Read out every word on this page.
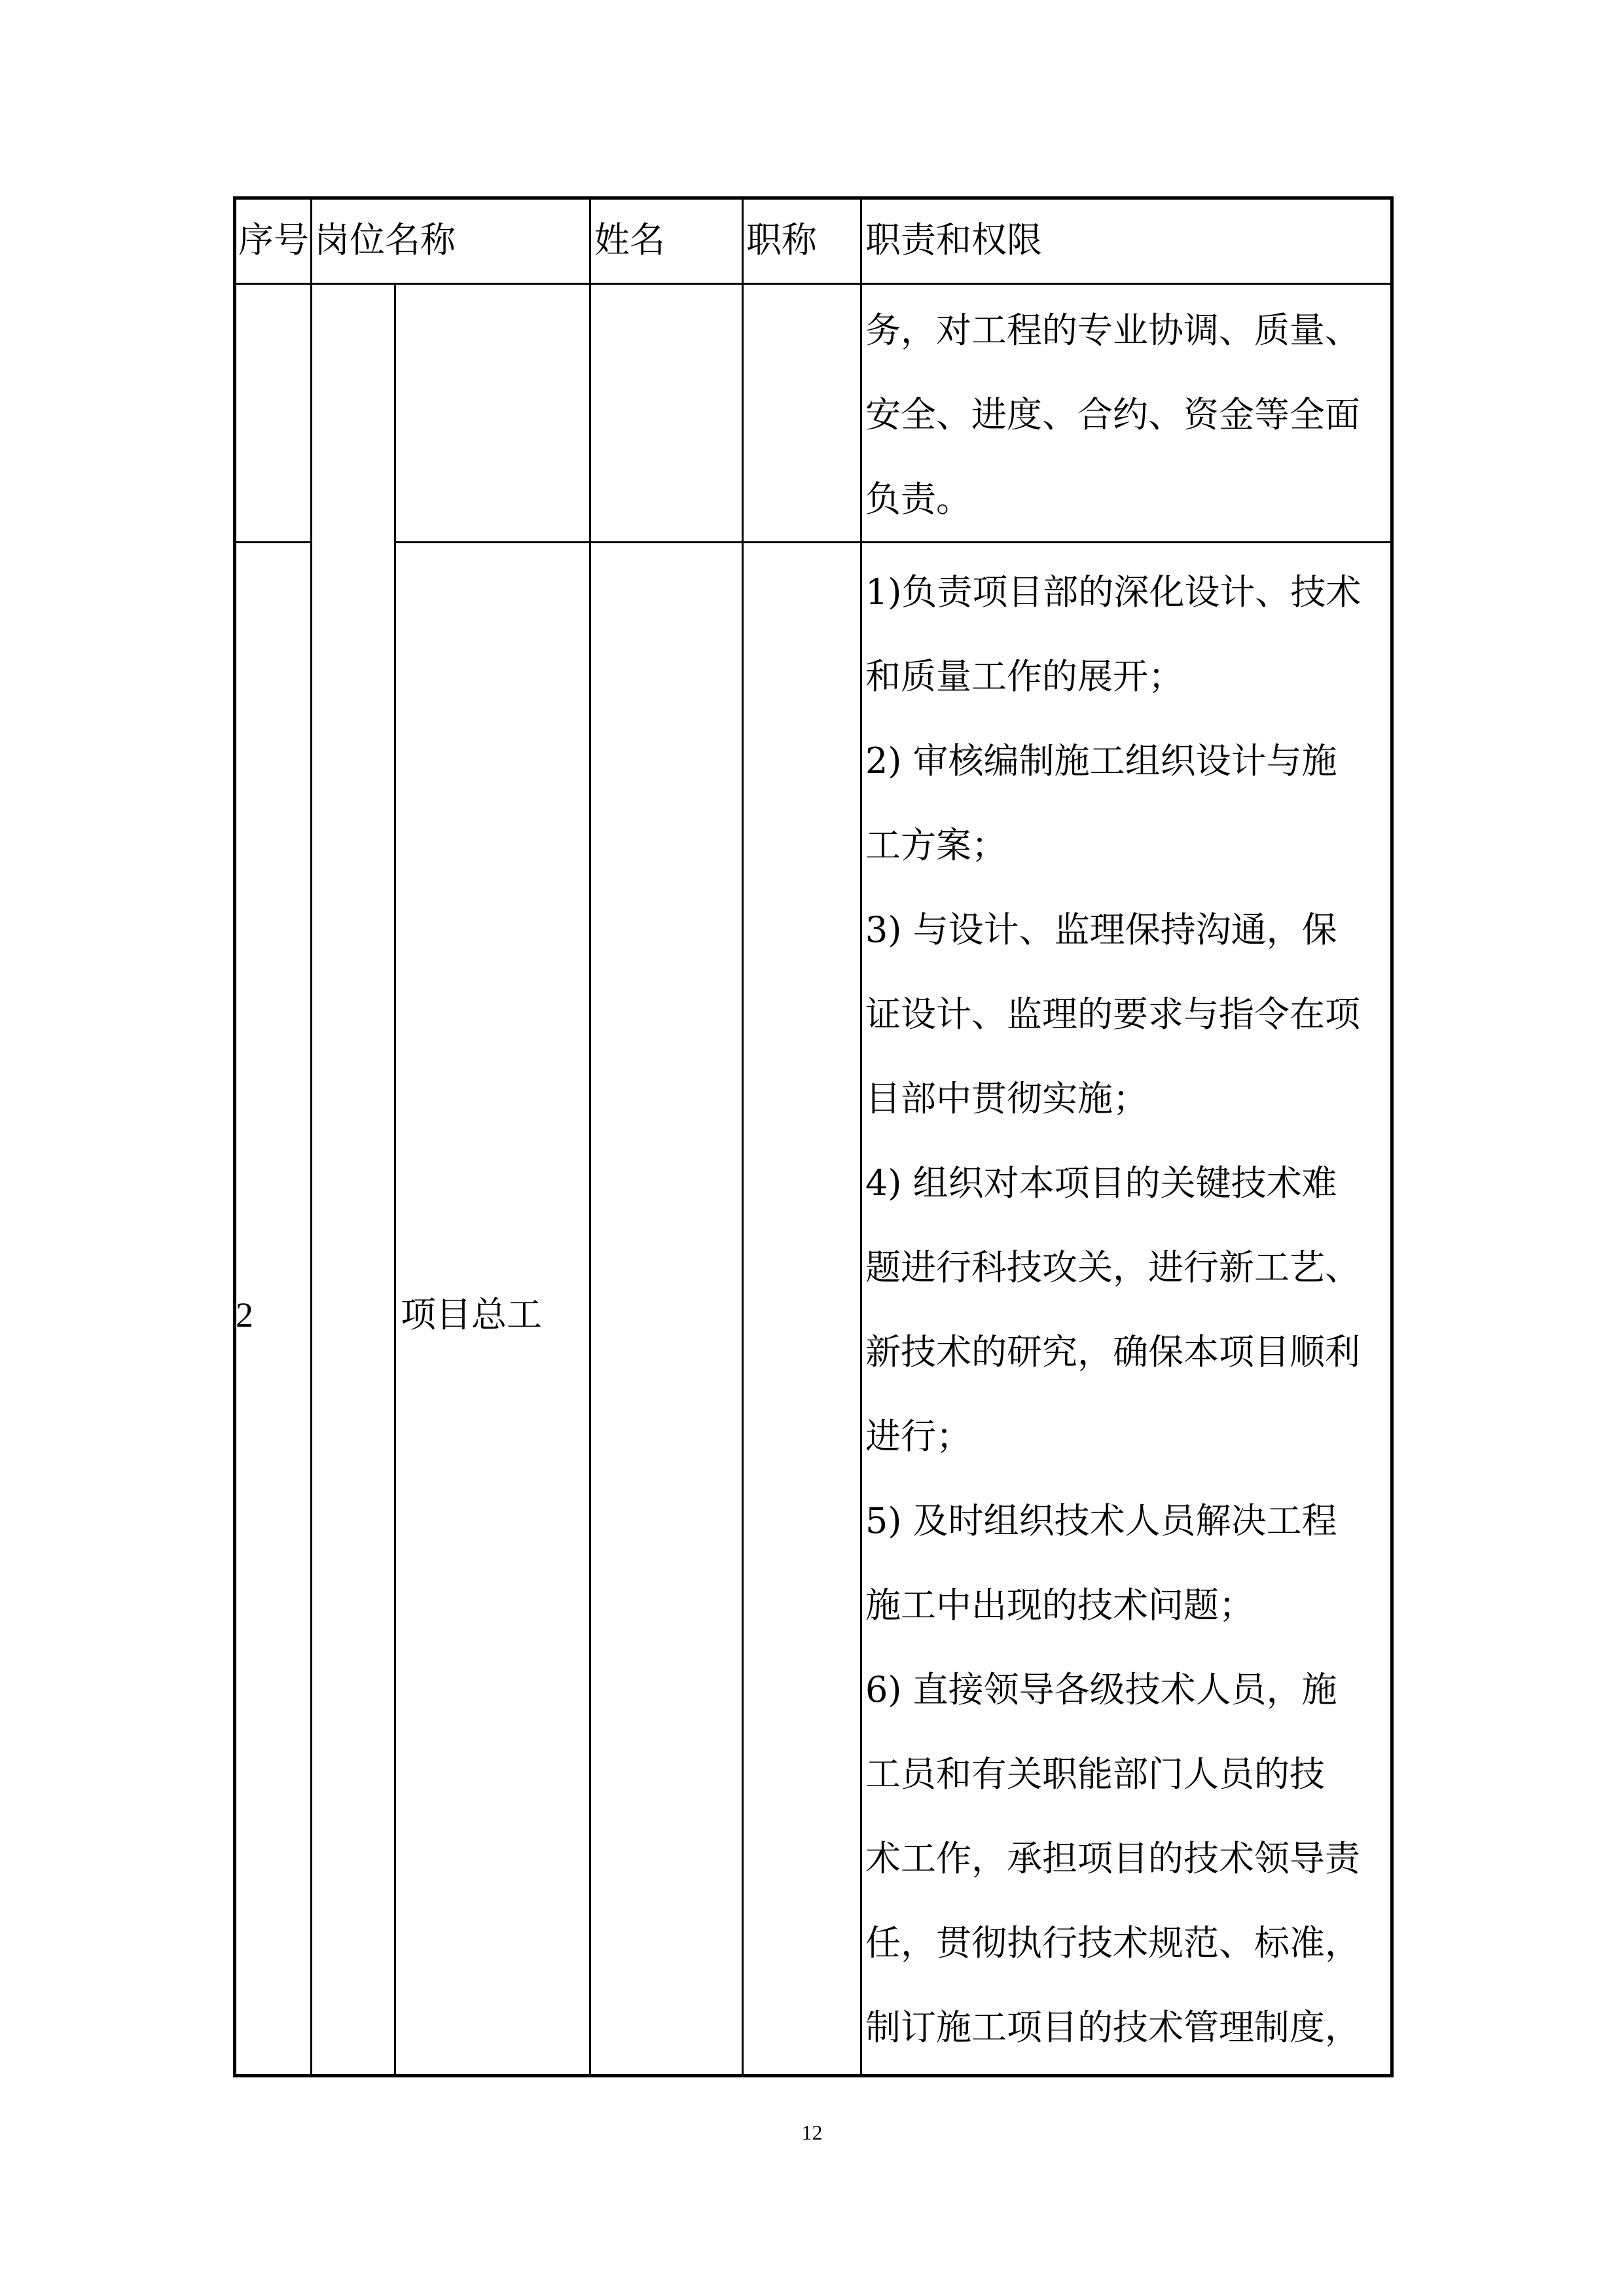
序号 岗位名称	姓名 职称 职责和权限
务，对工程的专业协调、质量、
安全、进度、合约、资金等全面
负责。
2	项目总工
1)负责项目部的深化设计、技术
和质量工作的展开；
2) 审核编制施工组织设计与施
工方案；
3) 与设计、监理保持沟通，保
证设计、监理的要求与指令在项
目部中贯彻实施；
4) 组织对本项目的关键技术难
题进行科技攻关，进行新工艺、
新技术的研究，确保本项目顺利
进行；
5) 及时组织技术人员解决工程
施工中出现的技术问题；
6) 直接领导各级技术人员，施
工员和有关职能部门人员的技
术工作，承担项目的技术领导责
任，贯彻执行技术规范、标准，
制订施工项目的技术管理制度，
12
